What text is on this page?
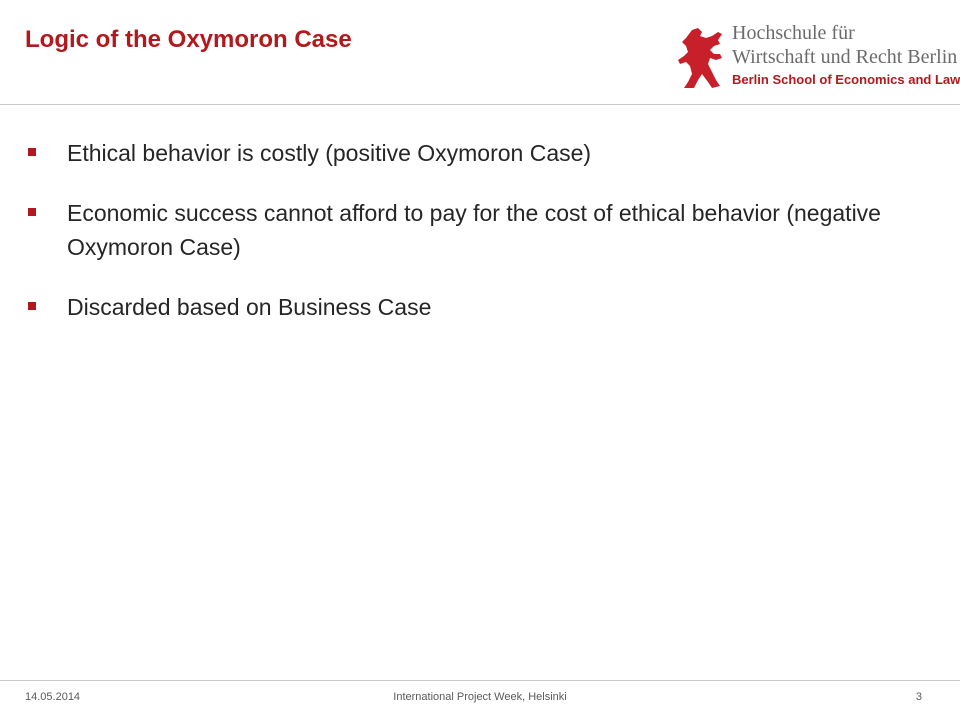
Logic of the Oxymoron Case	Hochschule für
Wirtschaft und Recht Berlin
Berlin School of Economics and Law
Ethical behavior is costly (positive Oxymoron Case)
Economic success cannot afford to pay for the cost of ethical behavior (negative Oxymoron Case)
Discarded based on Business Case
14.05.2014	International Project Week, Helsinki	3
